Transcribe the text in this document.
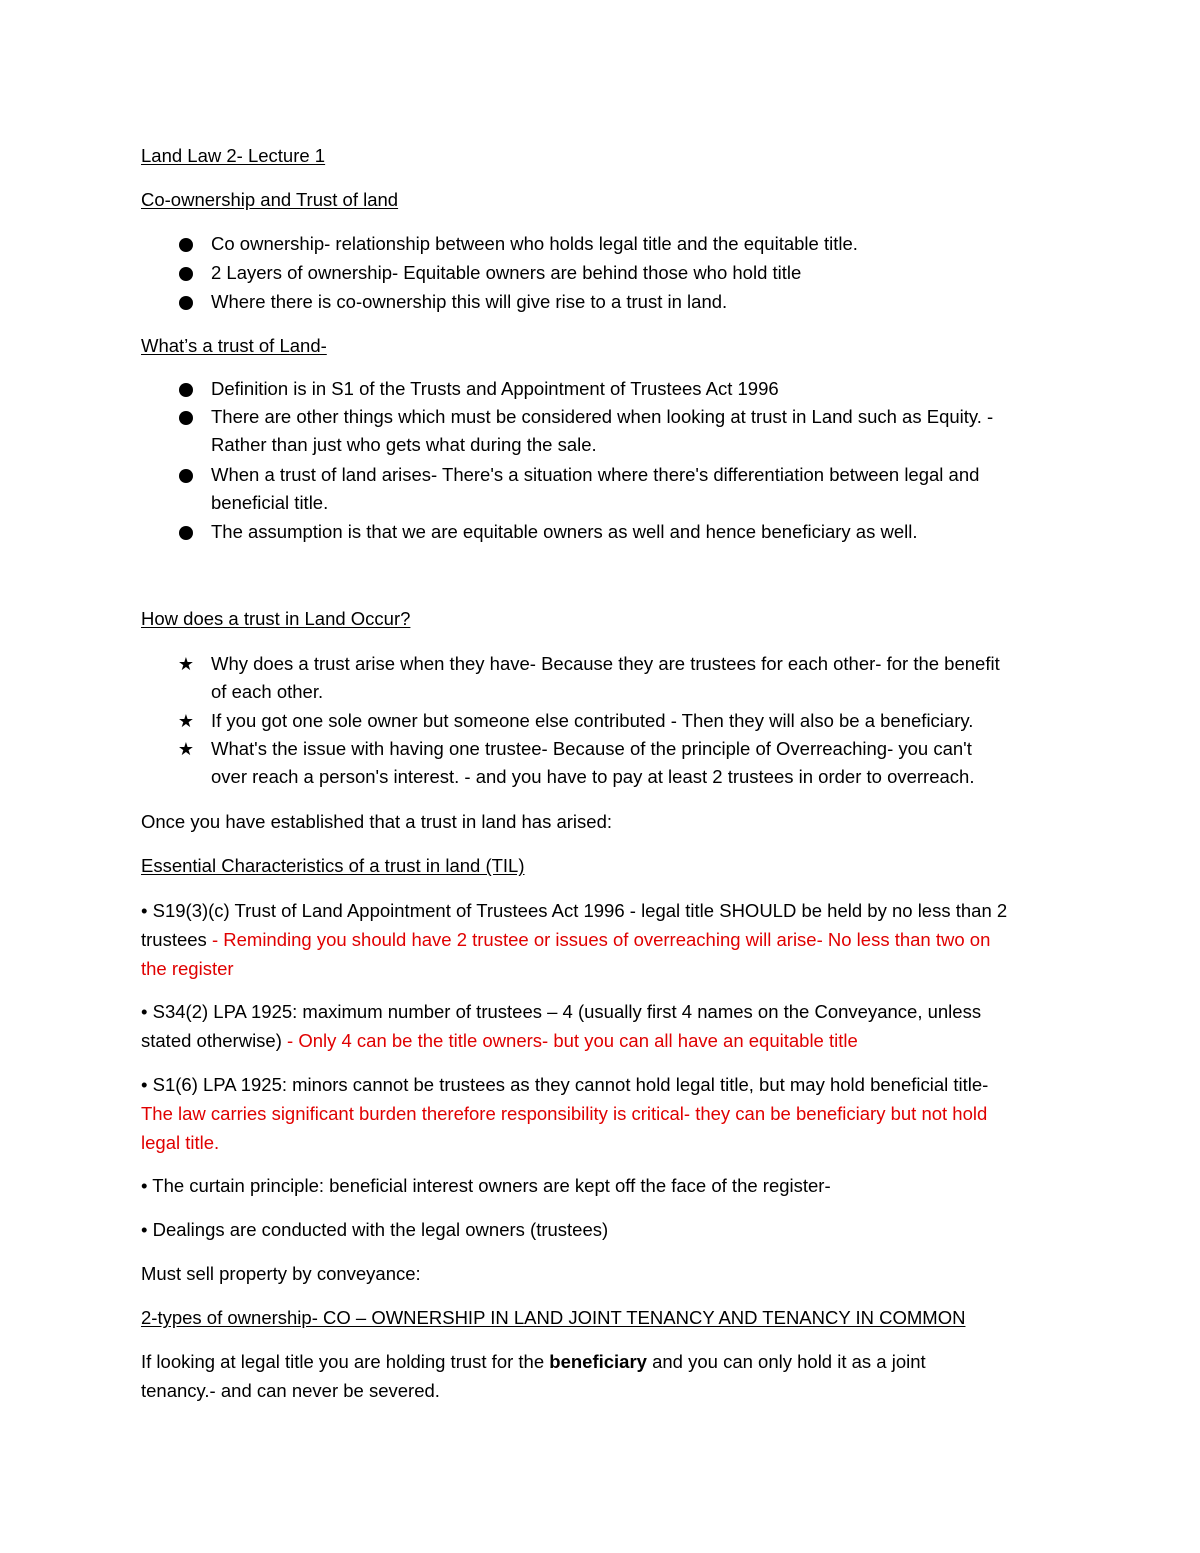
Land Law 2- Lecture 1
Co-ownership and Trust of land
Co ownership- relationship between who holds legal title and the equitable title.
2 Layers of ownership- Equitable owners are behind those who hold title
Where there is co-ownership this will give rise to a trust in land.
What’s a trust of Land-
Definition is in S1 of the Trusts and Appointment of Trustees Act 1996
There are other things which must be considered when looking at trust in Land such as Equity. -
Rather than just who gets what during the sale.
When a trust of land arises- There's a situation where there's differentiation between legal and
beneficial title.
The assumption is that we are equitable owners as well and hence beneficiary as well.
How does a trust in Land Occur?
★ Why does a trust arise when they have- Because they are trustees for each other- for the benefit
of each other.
★ If you got one sole owner but someone else contributed - Then they will also be a beneficiary.
★ What's the issue with having one trustee- Because of the principle of Overreaching- you can't
over reach a person's interest. - and you have to pay at least 2 trustees in order to overreach.
Once you have established that a trust in land has arised:
Essential Characteristics of a trust in land (TIL)
• S19(3)(c) Trust of Land Appointment of Trustees Act 1996 - legal title SHOULD be held by no less than 2
trustees - Reminding you should have 2 trustee or issues of overreaching will arise- No less than two on
the register
• S34(2) LPA 1925: maximum number of trustees – 4 (usually first 4 names on the Conveyance, unless
stated otherwise) - Only 4 can be the title owners- but you can all have an equitable title
• S1(6) LPA 1925: minors cannot be trustees as they cannot hold legal title, but may hold beneficial title-
The law carries significant burden therefore responsibility is critical- they can be beneficiary but not hold
legal title.
• The curtain principle: beneficial interest owners are kept off the face of the register-
• Dealings are conducted with the legal owners (trustees)
Must sell property by conveyance:
2-types of ownership- CO – OWNERSHIP IN LAND JOINT TENANCY AND TENANCY IN COMMON
If looking at legal title you are holding trust for the beneficiary and you can only hold it as a joint
tenancy.- and can never be severed.
